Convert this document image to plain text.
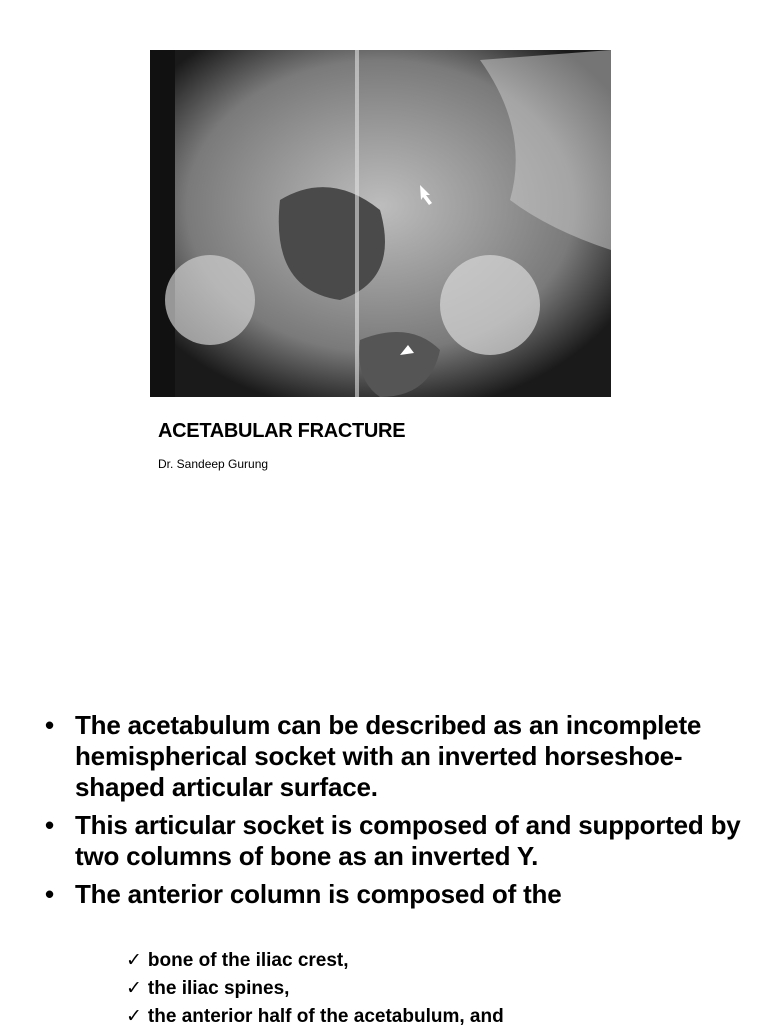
ACETABULAR FRACTURE
Dr. Sandeep Gurung
• The acetabulum can be described as an incomplete hemispherical socket with an inverted horseshoe-shaped articular surface.
• This articular socket is composed of and supported by two columns of bone as an inverted Y.
• The anterior column is composed of the
✓ bone of the iliac crest,
✓ the iliac spines,
✓ the anterior half of the acetabulum, and
